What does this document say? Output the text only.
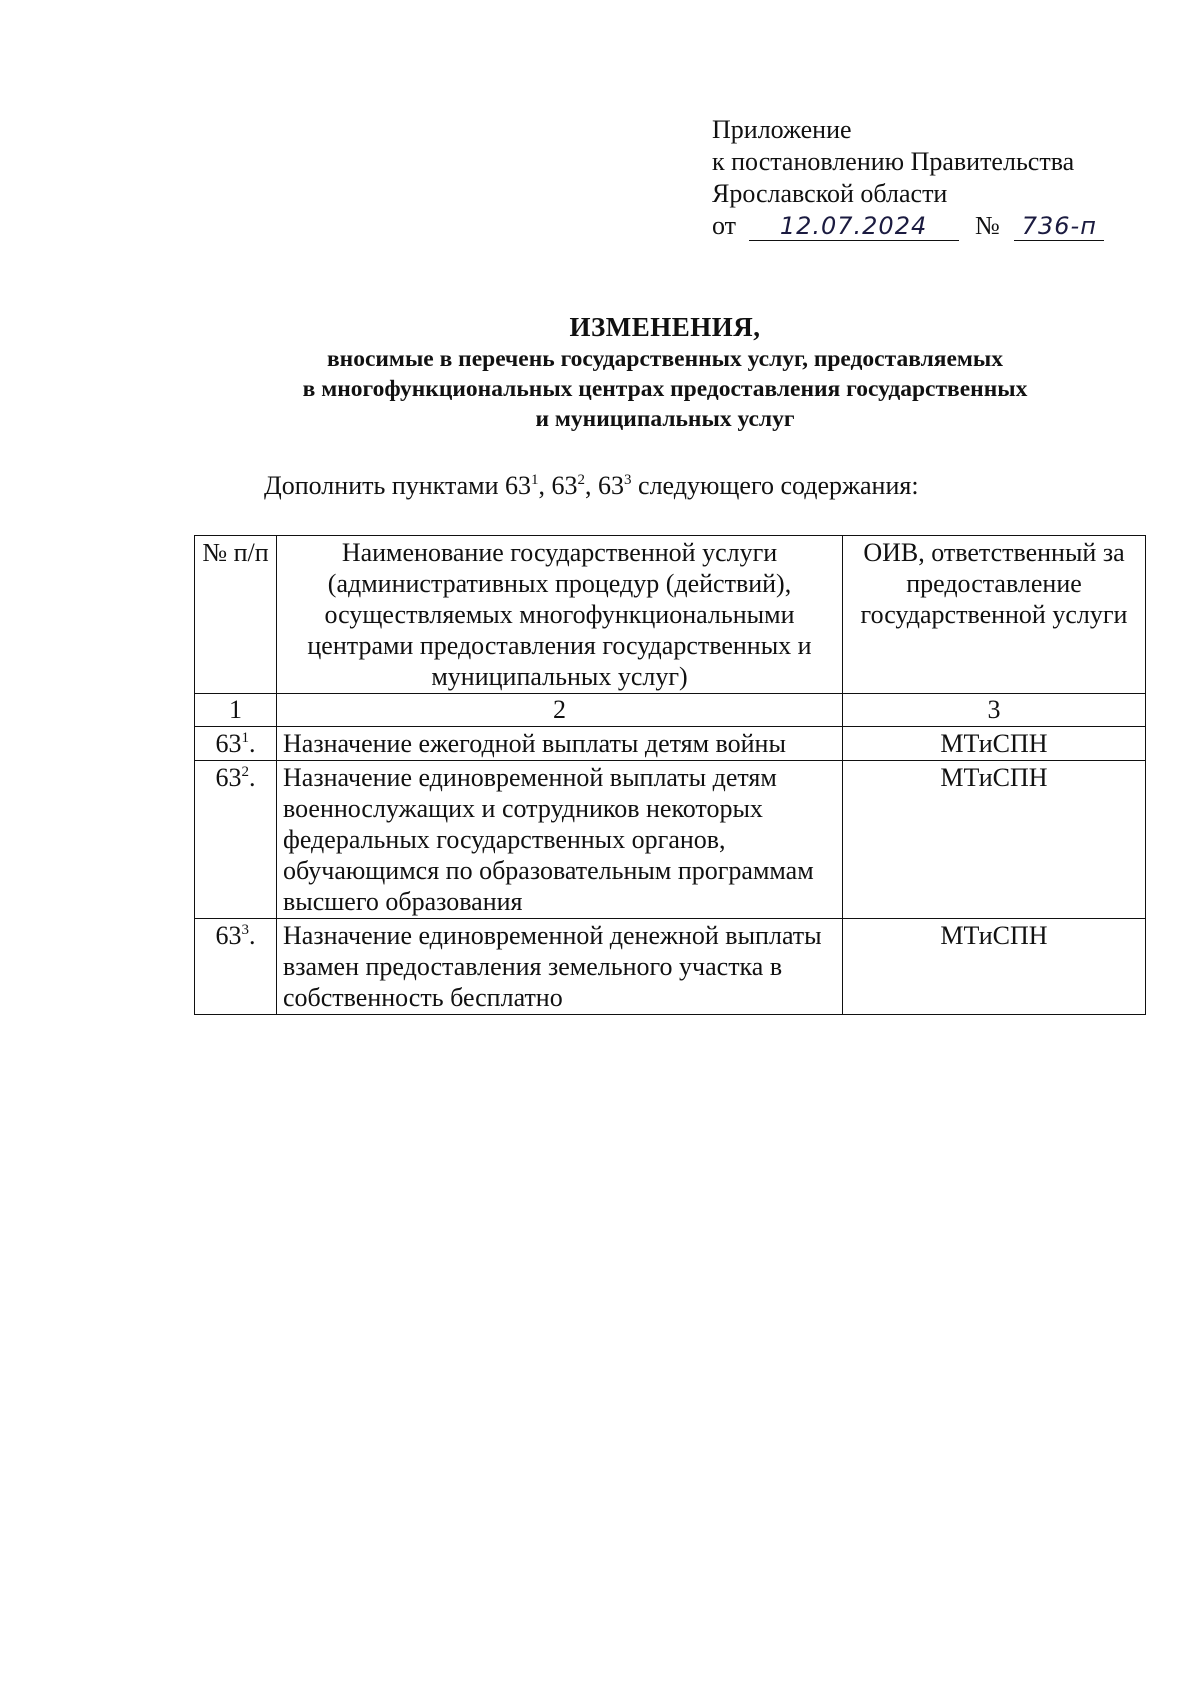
Приложение
к постановлению Правительства
Ярославской области
от 12.07.2024 № 736-п
ИЗМЕНЕНИЯ,
вносимые в перечень государственных услуг, предоставляемых
в многофункциональных центрах предоставления государственных
и муниципальных услуг
Дополнить пунктами $63^1$, $63^2$, $63^3$ следующего содержания:
№ п/п	Наименование государственной услуги (административных процедур (действий), осуществляемых многофункциональными центрами предоставления государственных и муниципальных услуг)	ОИВ, ответственный за предоставление государственной услуги
1	2	3
$63^1$.	Назначение ежегодной выплаты детям войны	МТиСПН
$63^2$.	Назначение единовременной выплаты детям военнослужащих и сотрудников некоторых федеральных государственных органов, обучающимся по образовательным программам высшего образования	МТиСПН
$63^3$.	Назначение единовременной денежной выплаты взамен предоставления земельного участка в собственность бесплатно	МТиСПН
